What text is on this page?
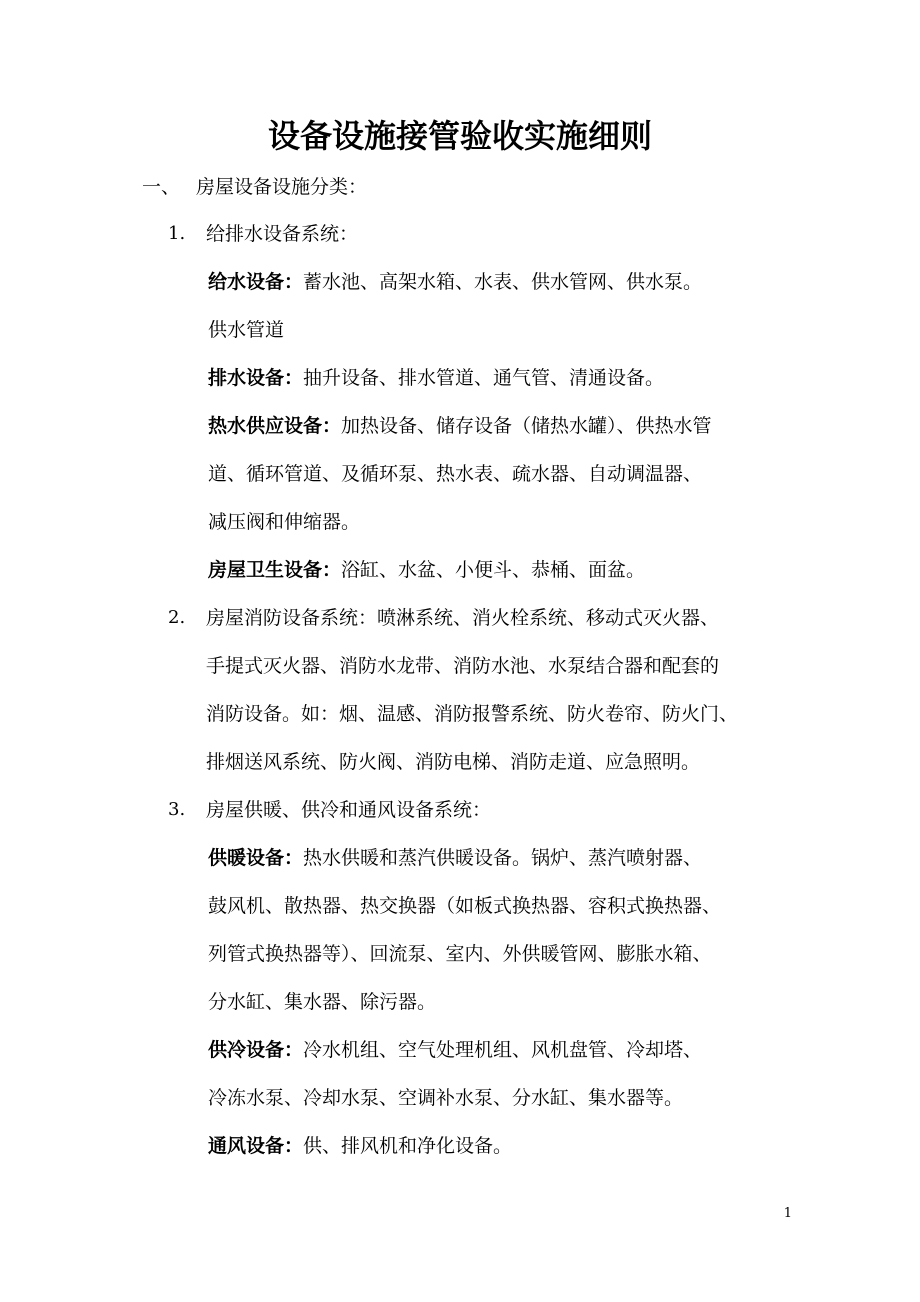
设备设施接管验收实施细则
一、 房屋设备设施分类：
1. 给排水设备系统：
给水设备：蓄水池、高架水箱、水表、供水管网、供水泵。
供水管道
排水设备：抽升设备、排水管道、通气管、清通设备。
热水供应设备：加热设备、储存设备（储热水罐）、供热水管
道、循环管道、及循环泵、热水表、疏水器、自动调温器、
减压阀和伸缩器。
房屋卫生设备：浴缸、水盆、小便斗、恭桶、面盆。
2. 房屋消防设备系统：喷淋系统、消火栓系统、移动式灭火器、
手提式灭火器、消防水龙带、消防水池、水泵结合器和配套的
消防设备。如：烟、温感、消防报警系统、防火卷帘、防火门、
排烟送风系统、防火阀、消防电梯、消防走道、应急照明。
3. 房屋供暖、供冷和通风设备系统：
供暖设备：热水供暖和蒸汽供暖设备。锅炉、蒸汽喷射器、
鼓风机、散热器、热交换器（如板式换热器、容积式换热器、
列管式换热器等）、回流泵、室内、外供暖管网、膨胀水箱、
分水缸、集水器、除污器。
供冷设备：冷水机组、空气处理机组、风机盘管、冷却塔、
冷冻水泵、冷却水泵、空调补水泵、分水缸、集水器等。
通风设备：供、排风机和净化设备。
1
